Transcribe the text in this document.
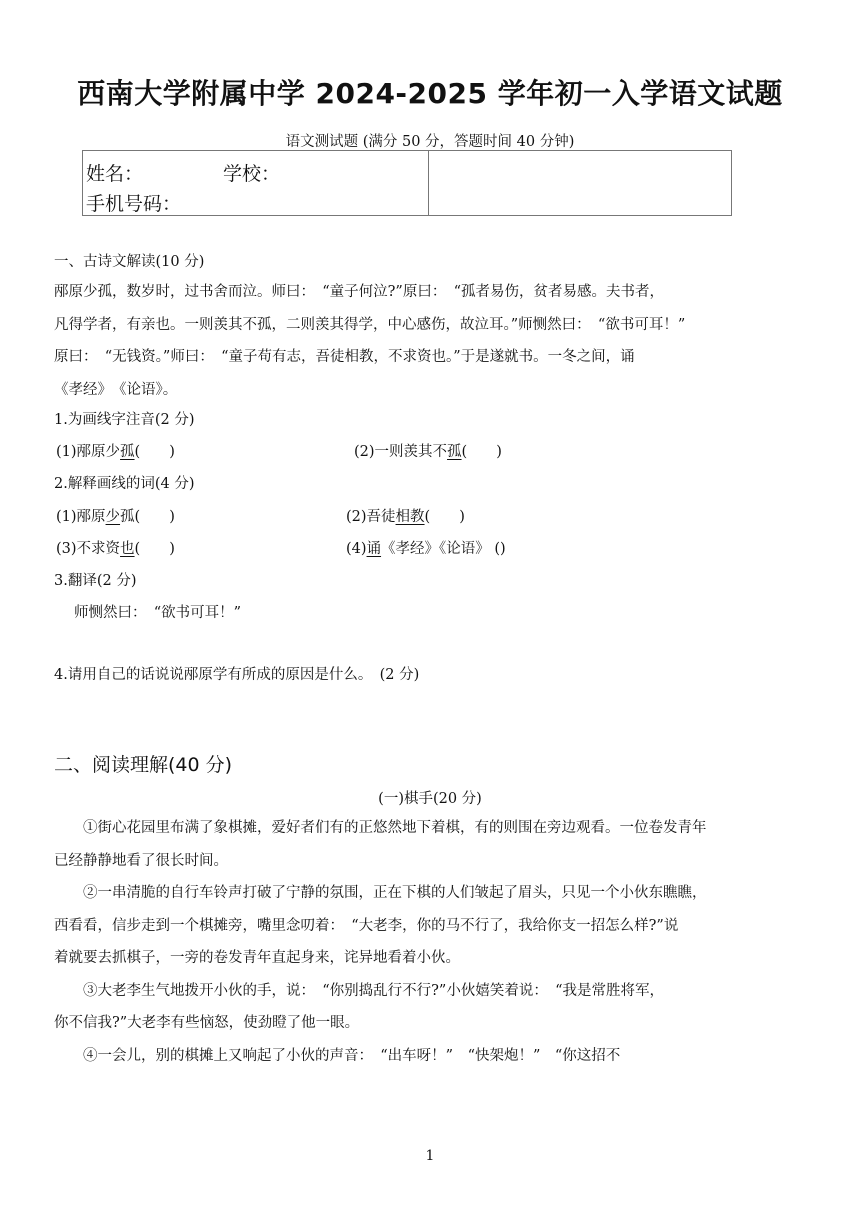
西南大学附属中学 2024-2025 学年初一入学语文试题
语文测试题 (满分 50 分，答题时间 40 分钟)
姓名：	学校：
手机号码：
一、古诗文解读(10 分)
邴原少孤，数岁时，过书舍而泣。师曰：　“童子何泣?”原曰：　“孤者易伤，贫者易感。夫书者，
凡得学者，有亲也。一则羡其不孤，二则羡其得学，中心感伤，故泣耳。”师恻然曰：　“欲书可耳！”
原曰：　“无钱资。”师曰：　“童子苟有志，吾徒相教，不求资也。”于是遂就书。一冬之间，诵
《孝经》　《论语》。
1.为画线字注音(2 分)
(1)邴原少孤(　　)	(2)一则羡其不孤(　　)
2.解释画线的词(4 分)
(1)邴原少孤(　　)	(2)吾徒相教(　　)
(3)不求资也(　　)	(4)诵《孝经》《论语》 ()
3.翻译(2 分)
师恻然曰：　“欲书可耳！”
4.请用自己的话说说邴原学有所成的原因是什么。　(2 分)
二、阅读理解(40 分)
(一)棋手(20 分)
①街心花园里布满了象棋摊，爱好者们有的正悠然地下着棋，有的则围在旁边观看。一位卷发青年
已经静静地看了很长时间。
②一串清脆的自行车铃声打破了宁静的氛围，正在下棋的人们皱起了眉头，只见一个小伙东瞧瞧，
西看看，信步走到一个棋摊旁，嘴里念叨着：　“大老李，你的马不行了，我给你支一招怎么样?”说
着就要去抓棋子，一旁的卷发青年直起身来，诧异地看着小伙。
③大老李生气地拨开小伙的手，说：　“你别捣乱行不行?”小伙嬉笑着说：　“我是常胜将军，
你不信我?”大老李有些恼怒，使劲瞪了他一眼。
④一会儿，别的棋摊上又响起了小伙的声音：　“出车呀！”　“快架炮！”　“你这招不
1
